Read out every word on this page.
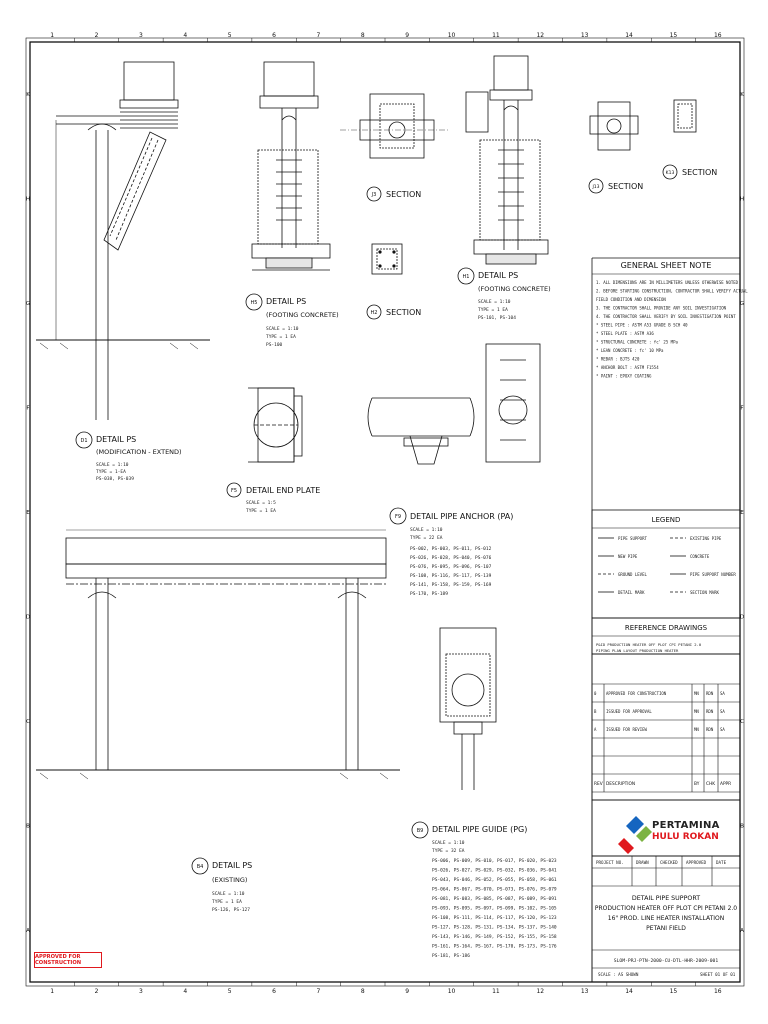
1
1
2
2
3
3
4
4
5
5
6
6
7
7
8
8
9
9
10
10
11
11
12
12
13
13
14
14
15
15
16
16
K	K
H	H
G	G
F	F
E	E
D	D
C	C
B	B
A	A
D1 DETAIL PS
(MODIFICATION - EXTEND)
SCALE = 1:10
TYPE = 1-EA
PS-038, PS-039
H5 DETAIL PS
(FOOTING CONCRETE)
SCALE = 1:10
TYPE = 1 EA
PS-100
J3 SECTION
H2 SECTION
H1 DETAIL PS
(FOOTING CONCRETE)
SCALE = 1:10
TYPE = 1 EA
PS-101, PS-104
J13 SECTION
K13 SECTION
F5 DETAIL END PLATE
SCALE = 1:5
TYPE = 1 EA
F9 DETAIL PIPE ANCHOR (PA)
SCALE = 1:10
TYPE = 22 EA
PS-002, PS-003, PS-011, PS-012
PS-026, PS-028, PS-040, PS-076
PS-076, PS-095, PS-096, PS-107
PS-108, PS-116, PS-117, PS-139
PS-141, PS-158, PS-159, PS-169
PS-170, PS-189
B4 DETAIL PS
(EXISTING)
SCALE = 1:10
TYPE = 1 EA
PS-126, PS-127
B9 DETAIL PIPE GUIDE (PG)
SCALE = 1:10
TYPE = 32 EA
PS-006, PS-009, PS-010, PS-017, PS-020, PS-023
PS-026, PS-027, PS-029, PS-032, PS-036, PS-041
PS-043, PS-046, PS-052, PS-055, PS-058, PS-061
PS-064, PS-067, PS-070, PS-073, PS-076, PS-079
PS-081, PS-083, PS-085, PS-087, PS-089, PS-091
PS-093, PS-095, PS-097, PS-099, PS-102, PS-105
PS-108, PS-111, PS-114, PS-117, PS-120, PS-123
PS-127, PS-128, PS-131, PS-134, PS-137, PS-140
PS-143, PS-146, PS-149, PS-152, PS-155, PS-158
PS-161, PS-164, PS-167, PS-170, PS-173, PS-176
PS-181, PS-186
GENERAL SHEET NOTE
1. ALL DIMENSIONS ARE IN MILLIMETERS UNLESS OTHERWISE NOTED
2. BEFORE STARTING CONSTRUCTION, CONTRACTOR SHALL VERIFY ACTUAL
FIELD CONDITION AND DIMENSION
3. THE CONTRACTOR SHALL PROVIDE ANY SOIL INVESTIGATION
4. THE CONTRACTOR SHALL VERIFY BY SOIL INVESTIGATION POINT
* STEEL PIPE : ASTM A53 GRADE B SCH 40
* STEEL PLATE : ASTM A36
* STRUCTURAL CONCRETE : fc' 25 MPa
* LEAN CONCRETE : fc' 10 MPa
* REBAR : BJTS 420
* ANCHOR BOLT : ASTM F1554
* PAINT : EPOXY COATING
LEGEND
PIPE SUPPORT	EXISTING PIPE
NEW PIPE	CONCRETE
GROUND LEVEL	PIPE SUPPORT NUMBER
DETAIL MARK	SECTION MARK
REFERENCE DRAWINGS
P&ID PRODUCTION HEATER OFF PLOT CPI PETANI 2.0
PIPING PLAN LAYOUT PRODUCTION HEATER
0 APPROVED FOR CONSTRUCTION	MN RDN SA
B ISSUED FOR APPROVAL	MN RDN SA
A ISSUED FOR REVIEW	MN RDN SA
REV DESCRIPTION	BY CHK APPR
PROJECT NO.	DRAWN	CHECKED APPROVED DATE
DETAIL PIPE SUPPORT
PRODUCTION HEATER OFF PLOT CPI PETANI 2.0
16" PROD. LINE HEATER INSTALLATION
PETANI FIELD
SLOM-PRJ-PTN-2000-CU-DTL-HHR-2009-001
SCALE : AS SHOWN	SHEET 01 OF 01
PERTAMINA
HULU ROKAN
APPROVED FOR CONSTRUCTION
